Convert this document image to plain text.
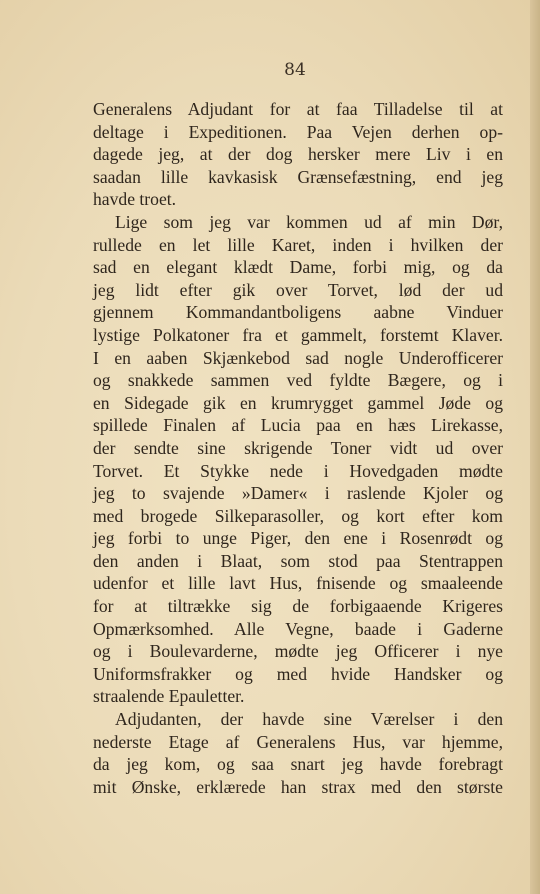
84
Generalens Adjudant for at faa Tilladelse til at
deltage i Expeditionen. Paa Vejen derhen op-
dagede jeg, at der dog hersker mere Liv i en
saadan lille kavkasisk Grænsefæstning, end jeg
havde troet.
Lige som jeg var kommen ud af min Dør,
rullede en let lille Karet, inden i hvilken der
sad en elegant klædt Dame, forbi mig, og da
jeg lidt efter gik over Torvet, lød der ud
gjennem Kommandantboligens aabne Vinduer
lystige Polkatoner fra et gammelt, forstemt Klaver.
I en aaben Skjænkebod sad nogle Underofficerer
og snakkede sammen ved fyldte Bægere, og i
en Sidegade gik en krumrygget gammel Jøde og
spillede Finalen af Lucia paa en hæs Lirekasse,
der sendte sine skrigende Toner vidt ud over
Torvet. Et Stykke nede i Hovedgaden mødte
jeg to svajende »Damer« i raslende Kjoler og
med brogede Silkeparasoller, og kort efter kom
jeg forbi to unge Piger, den ene i Rosenrødt og
den anden i Blaat, som stod paa Stentrappen
udenfor et lille lavt Hus, fnisende og smaaleende
for at tiltrække sig de forbigaaende Krigeres
Opmærksomhed. Alle Vegne, baade i Gaderne
og i Boulevarderne, mødte jeg Officerer i nye
Uniformsfrakker og med hvide Handsker og
straalende Epauletter.
Adjudanten, der havde sine Værelser i den
nederste Etage af Generalens Hus, var hjemme,
da jeg kom, og saa snart jeg havde forebragt
mit Ønske, erklærede han strax med den største
